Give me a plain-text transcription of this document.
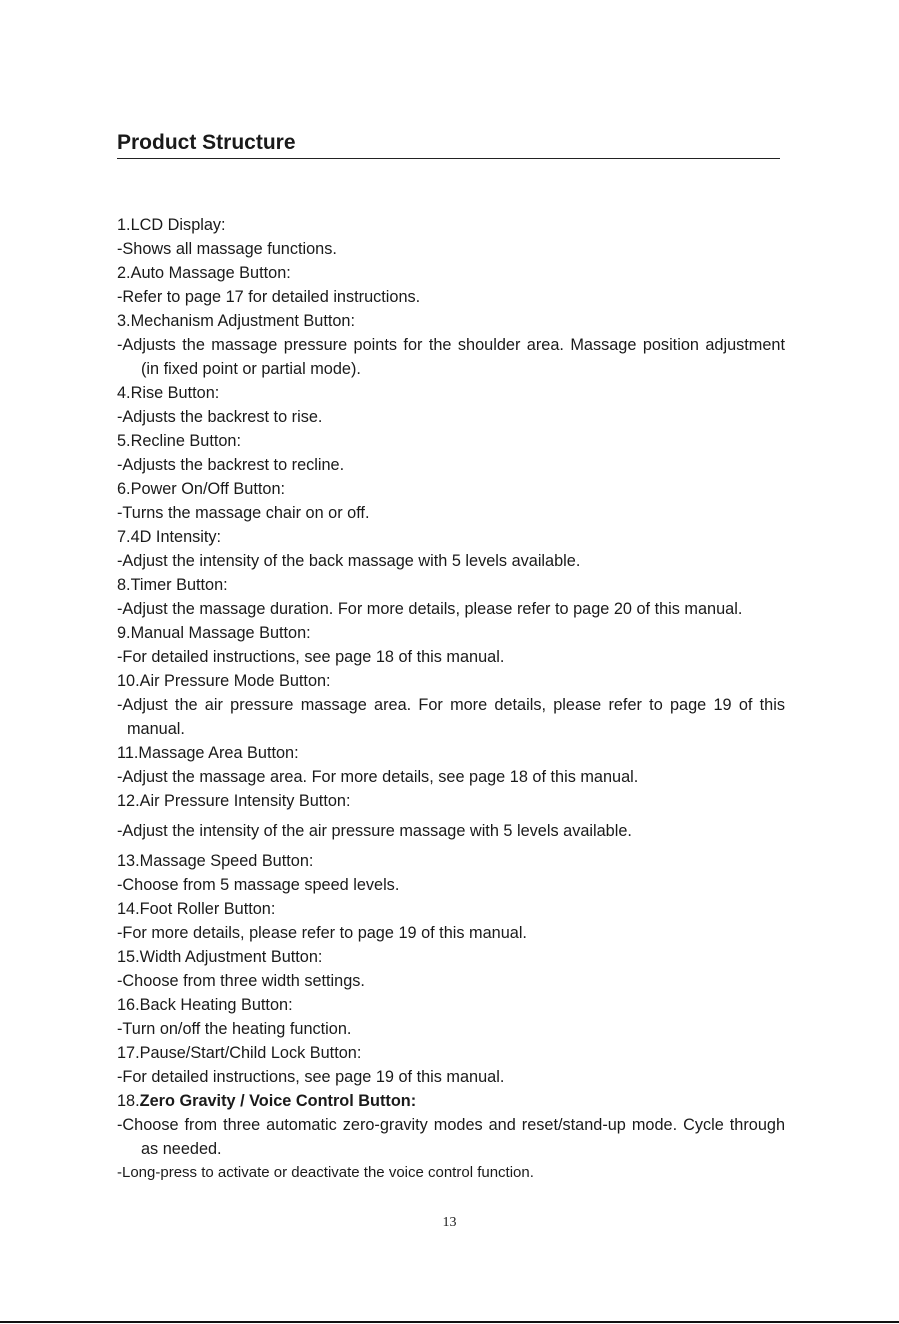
Product Structure

1.LCD Display:

-Shows all massage functions.

2.Auto Massage Button:

-Refer to page 17 for detailed instructions.

3.Mechanism Adjustment Button:

-Adjusts the massage pressure points for the shoulder area. Massage position adjustment (in fixed point or partial mode).

4.Rise Button:

-Adjusts the backrest to rise.

5.Recline Button:

-Adjusts the backrest to recline.

6.Power On/Off Button:

-Turns the massage chair on or off.

7.4D Intensity:

-Adjust the intensity of the back massage with 5 levels available.

8.Timer Button:

-Adjust the massage duration. For more details, please refer to page 20 of this manual.

9.Manual Massage Button:

-For detailed instructions, see page 18 of this manual.

10.Air Pressure Mode Button:

-Adjust the air pressure massage area. For more details, please refer to page 19 of this manual.

11.Massage Area Button:

-Adjust the massage area. For more details, see page 18 of this manual.

12.Air Pressure Intensity Button:

-Adjust the intensity of the air pressure massage with 5 levels available.

13.Massage Speed Button:

-Choose from 5 massage speed levels.

14.Foot Roller Button:

-For more details, please refer to page 19 of this manual.

15.Width Adjustment Button:

-Choose from three width settings.

16.Back Heating Button:

-Turn on/off the heating function.

17.Pause/Start/Child Lock Button:

-For detailed instructions, see page 19 of this manual.

18.Zero Gravity / Voice Control Button:

-Choose from three automatic zero-gravity modes and reset/stand-up mode. Cycle through as needed.

-Long-press to activate or deactivate the voice control function.

13
